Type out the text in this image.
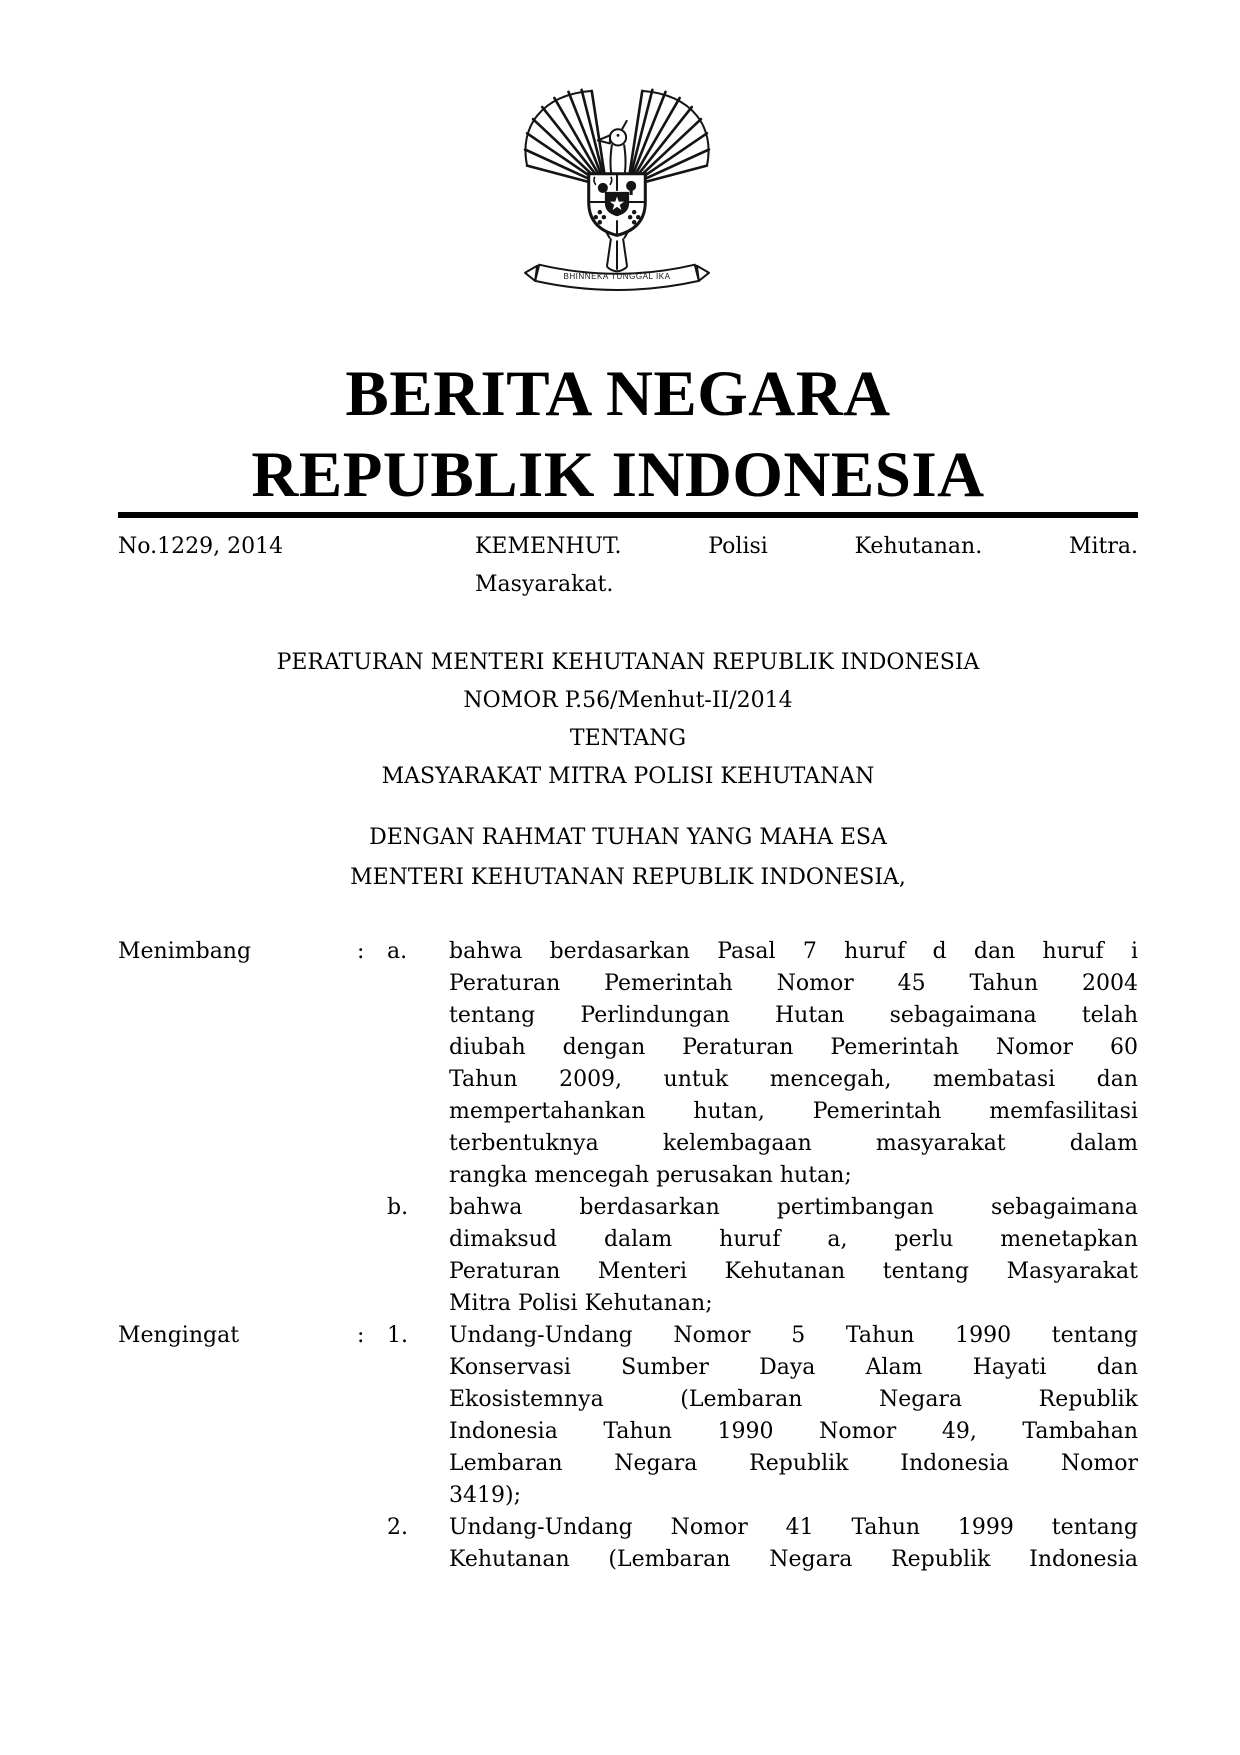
BHINNEKA TUNGGAL IKA
BERITA NEGARA
REPUBLIK INDONESIA
No.1229, 2014	KEMENHUT. Polisi Kehutanan. Mitra.
Masyarakat.
PERATURAN MENTERI KEHUTANAN REPUBLIK INDONESIA
NOMOR P.56/Menhut-II/2014
TENTANG
MASYARAKAT MITRA POLISI KEHUTANAN
DENGAN RAHMAT TUHAN YANG MAHA ESA
MENTERI KEHUTANAN REPUBLIK INDONESIA,
Menimbang	:	a.	bahwa berdasarkan Pasal 7 huruf d dan huruf i
Peraturan Pemerintah Nomor 45 Tahun 2004
tentang Perlindungan Hutan sebagaimana telah
diubah dengan Peraturan Pemerintah Nomor 60
Tahun 2009, untuk mencegah, membatasi dan
mempertahankan hutan, Pemerintah memfasilitasi
terbentuknya kelembagaan masyarakat dalam
rangka mencegah perusakan hutan;
b.	bahwa berdasarkan pertimbangan sebagaimana
dimaksud dalam huruf a, perlu menetapkan
Peraturan Menteri Kehutanan tentang Masyarakat
Mitra Polisi Kehutanan;
Mengingat	:	1.	Undang-Undang Nomor 5 Tahun 1990 tentang
Konservasi Sumber Daya Alam Hayati dan
Ekosistemnya (Lembaran Negara Republik
Indonesia Tahun 1990 Nomor 49, Tambahan
Lembaran Negara Republik Indonesia Nomor
3419);
2.	Undang-Undang Nomor 41 Tahun 1999 tentang
Kehutanan (Lembaran Negara Republik Indonesia
